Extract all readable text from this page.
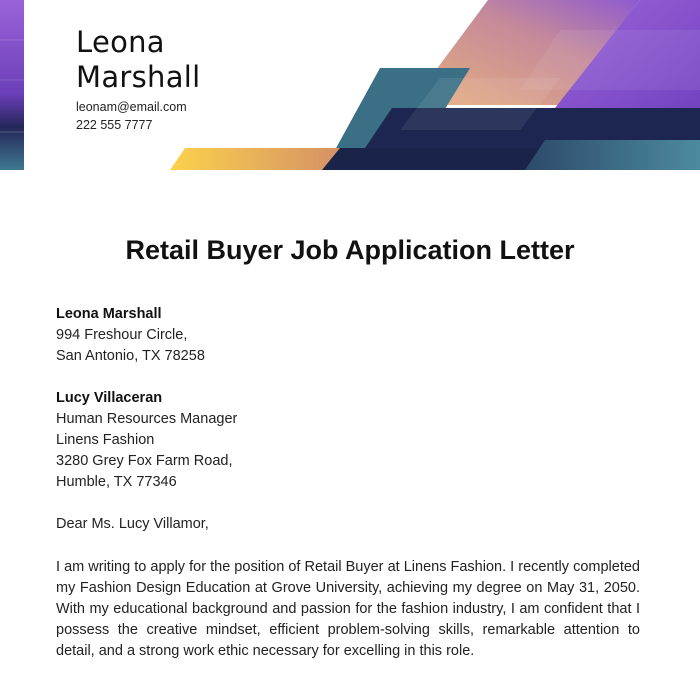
Leona
Marshall
leonam@email.com
222 555 7777
Retail Buyer Job Application Letter
Leona Marshall
994 Freshour Circle,
San Antonio, TX 78258
Lucy Villaceran
Human Resources Manager
Linens Fashion
3280 Grey Fox Farm Road,
Humble, TX 77346
Dear Ms. Lucy Villamor,

I am writing to apply for the position of Retail Buyer at Linens Fashion. I recently completed my Fashion Design Education at Grove University, achieving my degree on May 31, 2050. With my educational background and passion for the fashion industry, I am confident that I possess the creative mindset, efficient problem-solving skills, remarkable attention to detail, and a strong work ethic necessary for excelling in this role.
